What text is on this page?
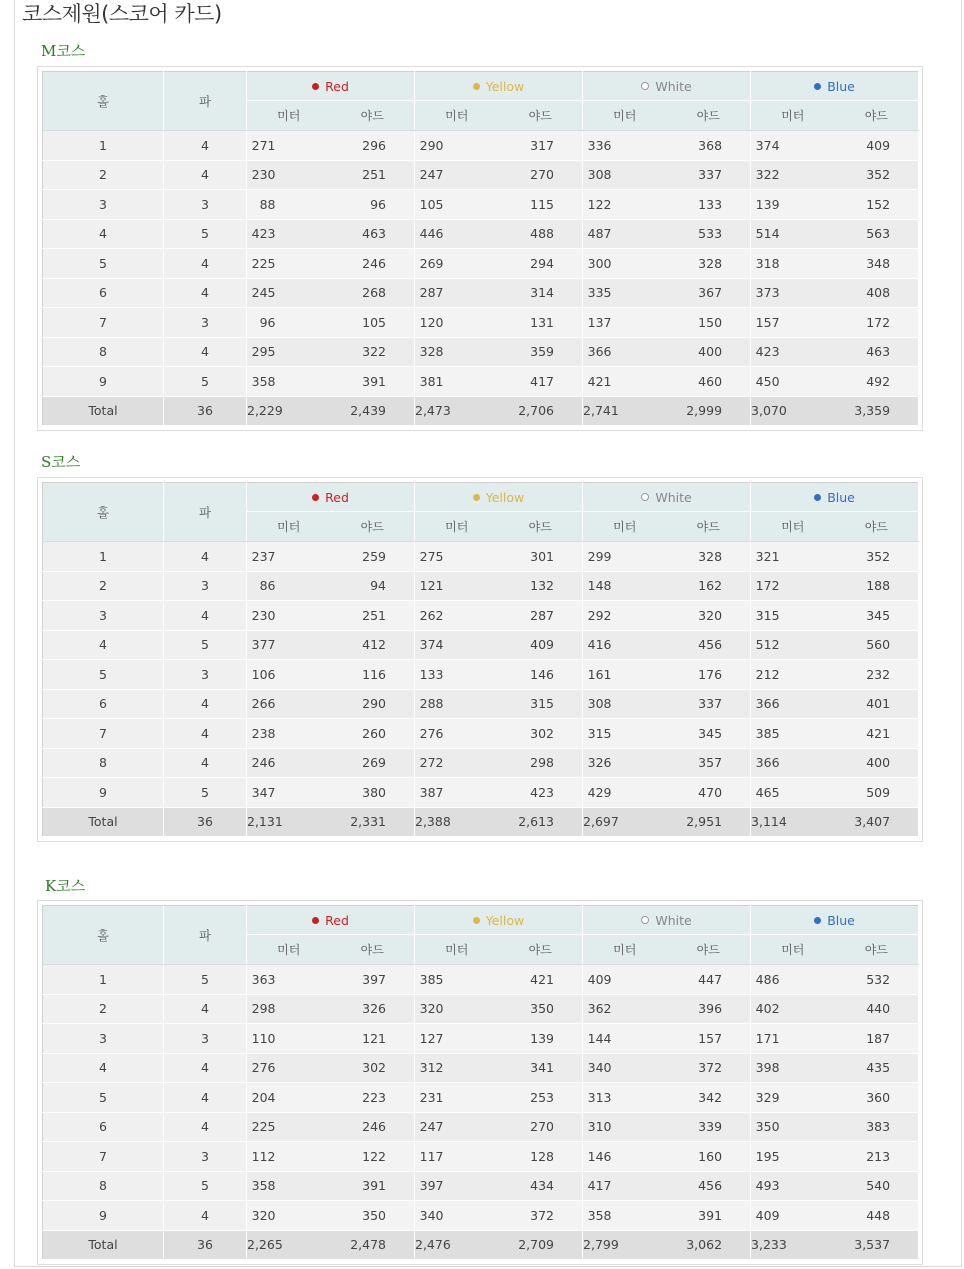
코스제원(스코어 카드)
M코스
홀	파	Red		Yellow		White		Blue	
		미터	야드	미터	야드	미터	야드	미터	야드
1	4	271	296	290	317	336	368	374	409
2	4	230	251	247	270	308	337	322	352
3	3	88	96	105	115	122	133	139	152
4	5	423	463	446	488	487	533	514	563
5	4	225	246	269	294	300	328	318	348
6	4	245	268	287	314	335	367	373	408
7	3	96	105	120	131	137	150	157	172
8	4	295	322	328	359	366	400	423	463
9	5	358	391	381	417	421	460	450	492
Total	36	2,229	2,439	2,473	2,706	2,741	2,999	3,070	3,359
S코스
홀	파	Red		Yellow		White		Blue	
		미터	야드	미터	야드	미터	야드	미터	야드
1	4	237	259	275	301	299	328	321	352
2	3	86	94	121	132	148	162	172	188
3	4	230	251	262	287	292	320	315	345
4	5	377	412	374	409	416	456	512	560
5	3	106	116	133	146	161	176	212	232
6	4	266	290	288	315	308	337	366	401
7	4	238	260	276	302	315	345	385	421
8	4	246	269	272	298	326	357	366	400
9	5	347	380	387	423	429	470	465	509
Total	36	2,131	2,331	2,388	2,613	2,697	2,951	3,114	3,407
K코스
홀	파	Red		Yellow		White		Blue	
		미터	야드	미터	야드	미터	야드	미터	야드
1	5	363	397	385	421	409	447	486	532
2	4	298	326	320	350	362	396	402	440
3	3	110	121	127	139	144	157	171	187
4	4	276	302	312	341	340	372	398	435
5	4	204	223	231	253	313	342	329	360
6	4	225	246	247	270	310	339	350	383
7	3	112	122	117	128	146	160	195	213
8	5	358	391	397	434	417	456	493	540
9	4	320	350	340	372	358	391	409	448
Total	36	2,265	2,478	2,476	2,709	2,799	3,062	3,233	3,537
